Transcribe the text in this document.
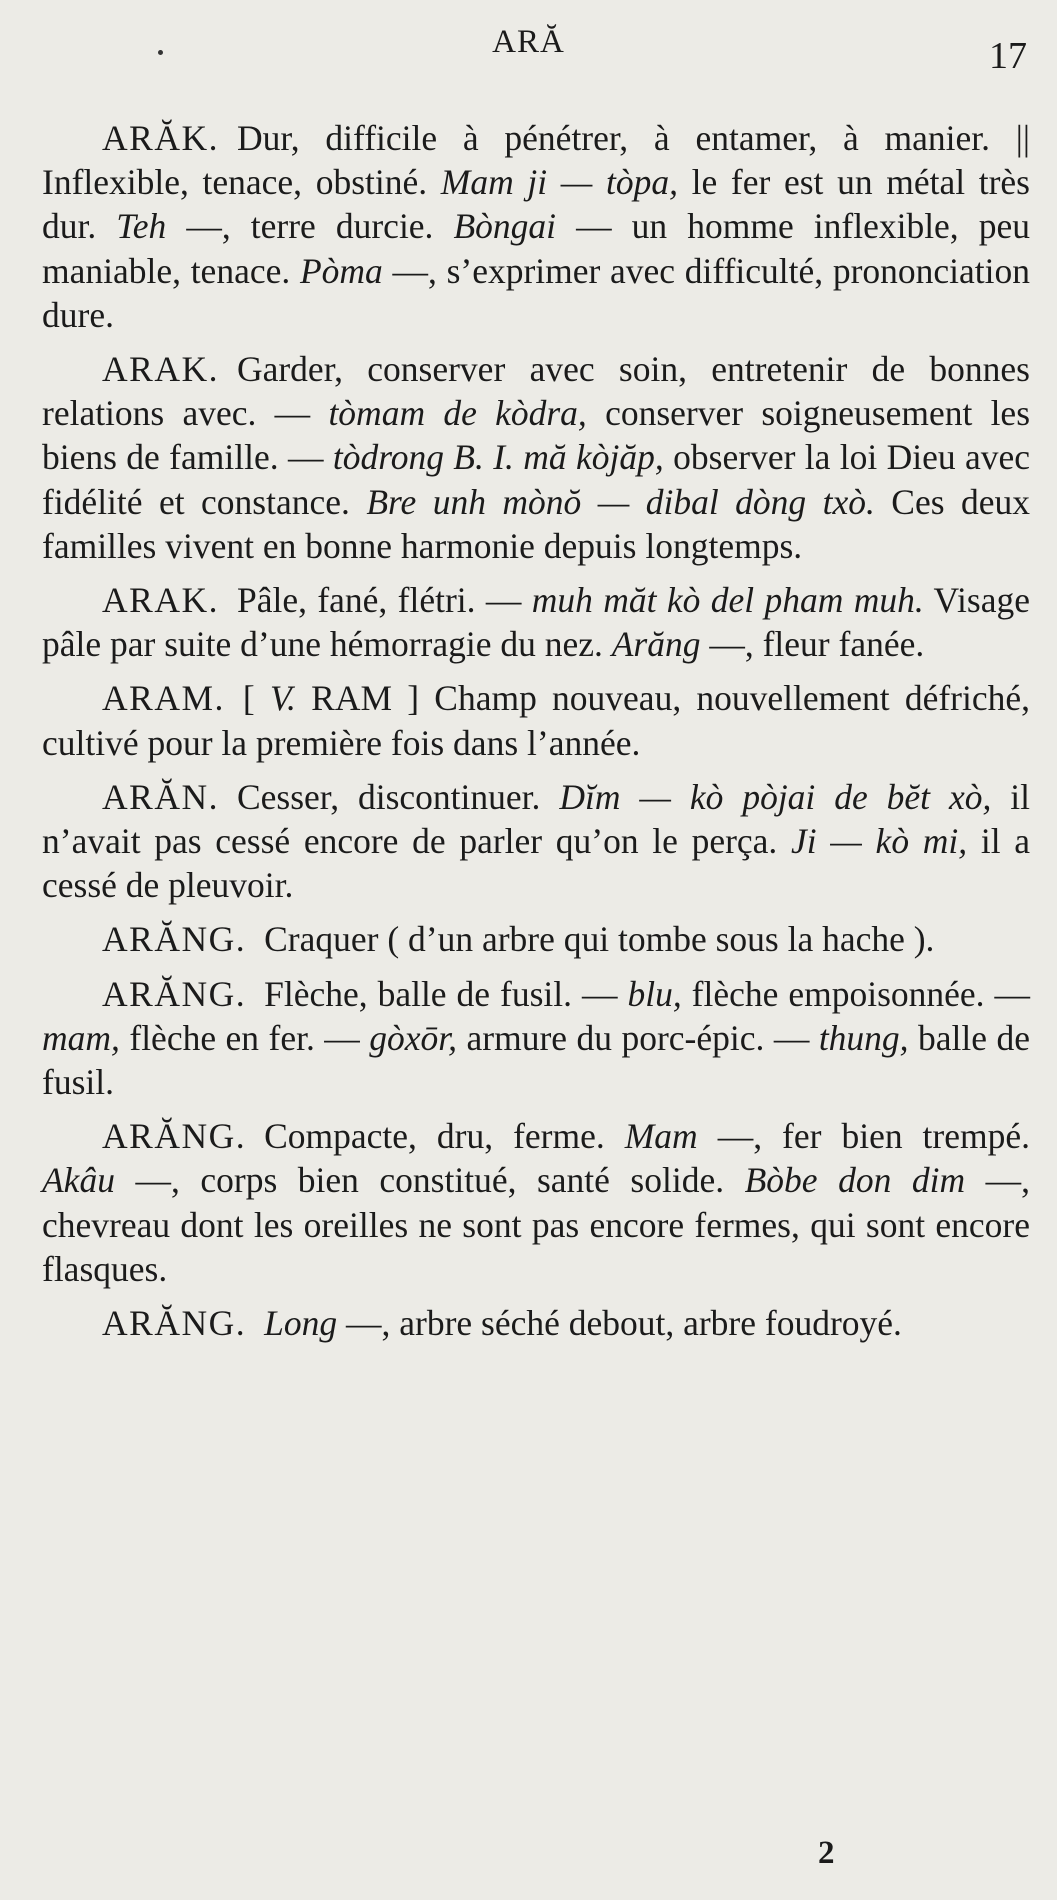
ARĂ	17

ARĂK. Dur, difficile à pénétrer, à entamer, à manier. || Inflexible, tenace, obstiné. Mam ji — tòpa, le fer est un métal très dur. Teh —, terre durcie. Bòngai — un homme inflexible, peu maniable, tenace. Pòma —, s’exprimer avec difficulté, prononciation dure.

ARAK. Garder, conserver avec soin, entretenir de bonnes relations avec. — tòmam de kòdra, conserver soigneusement les biens de famille. — tòdrong B. I. mă kòjăp, observer la loi Dieu avec fidélité et constance. Bre unh mònŏ — dibal dòng txò. Ces deux familles vivent en bonne harmonie depuis longtemps.

ARAK. Pâle, fané, flétri. — muh măt kò del pham muh. Visage pâle par suite d’une hémorragie du nez. Arăng —, fleur fanée.

ARAM. [ V. RAM ] Champ nouveau, nouvellement défriché, cultivé pour la première fois dans l’année.

ARĂN. Cesser, discontinuer. Dĭm — kò pòjai de bĕt xò, il n’avait pas cessé encore de parler qu’on le perça. Ji — kò mi, il a cessé de pleuvoir.

ARĂNG. Craquer ( d’un arbre qui tombe sous la hache ).

ARĂNG. Flèche, balle de fusil. — blu, flèche empoisonnée. — mam, flèche en fer. — gòxōr, armure du porc-épic. — thung, balle de fusil.

ARĂNG. Compacte, dru, ferme. Mam —, fer bien trempé. Akâu —, corps bien constitué, santé solide. Bòbe don dim —, chevreau dont les oreilles ne sont pas encore fermes, qui sont encore flasques.

ARĂNG. Long —, arbre séché debout, arbre foudroyé.

2
